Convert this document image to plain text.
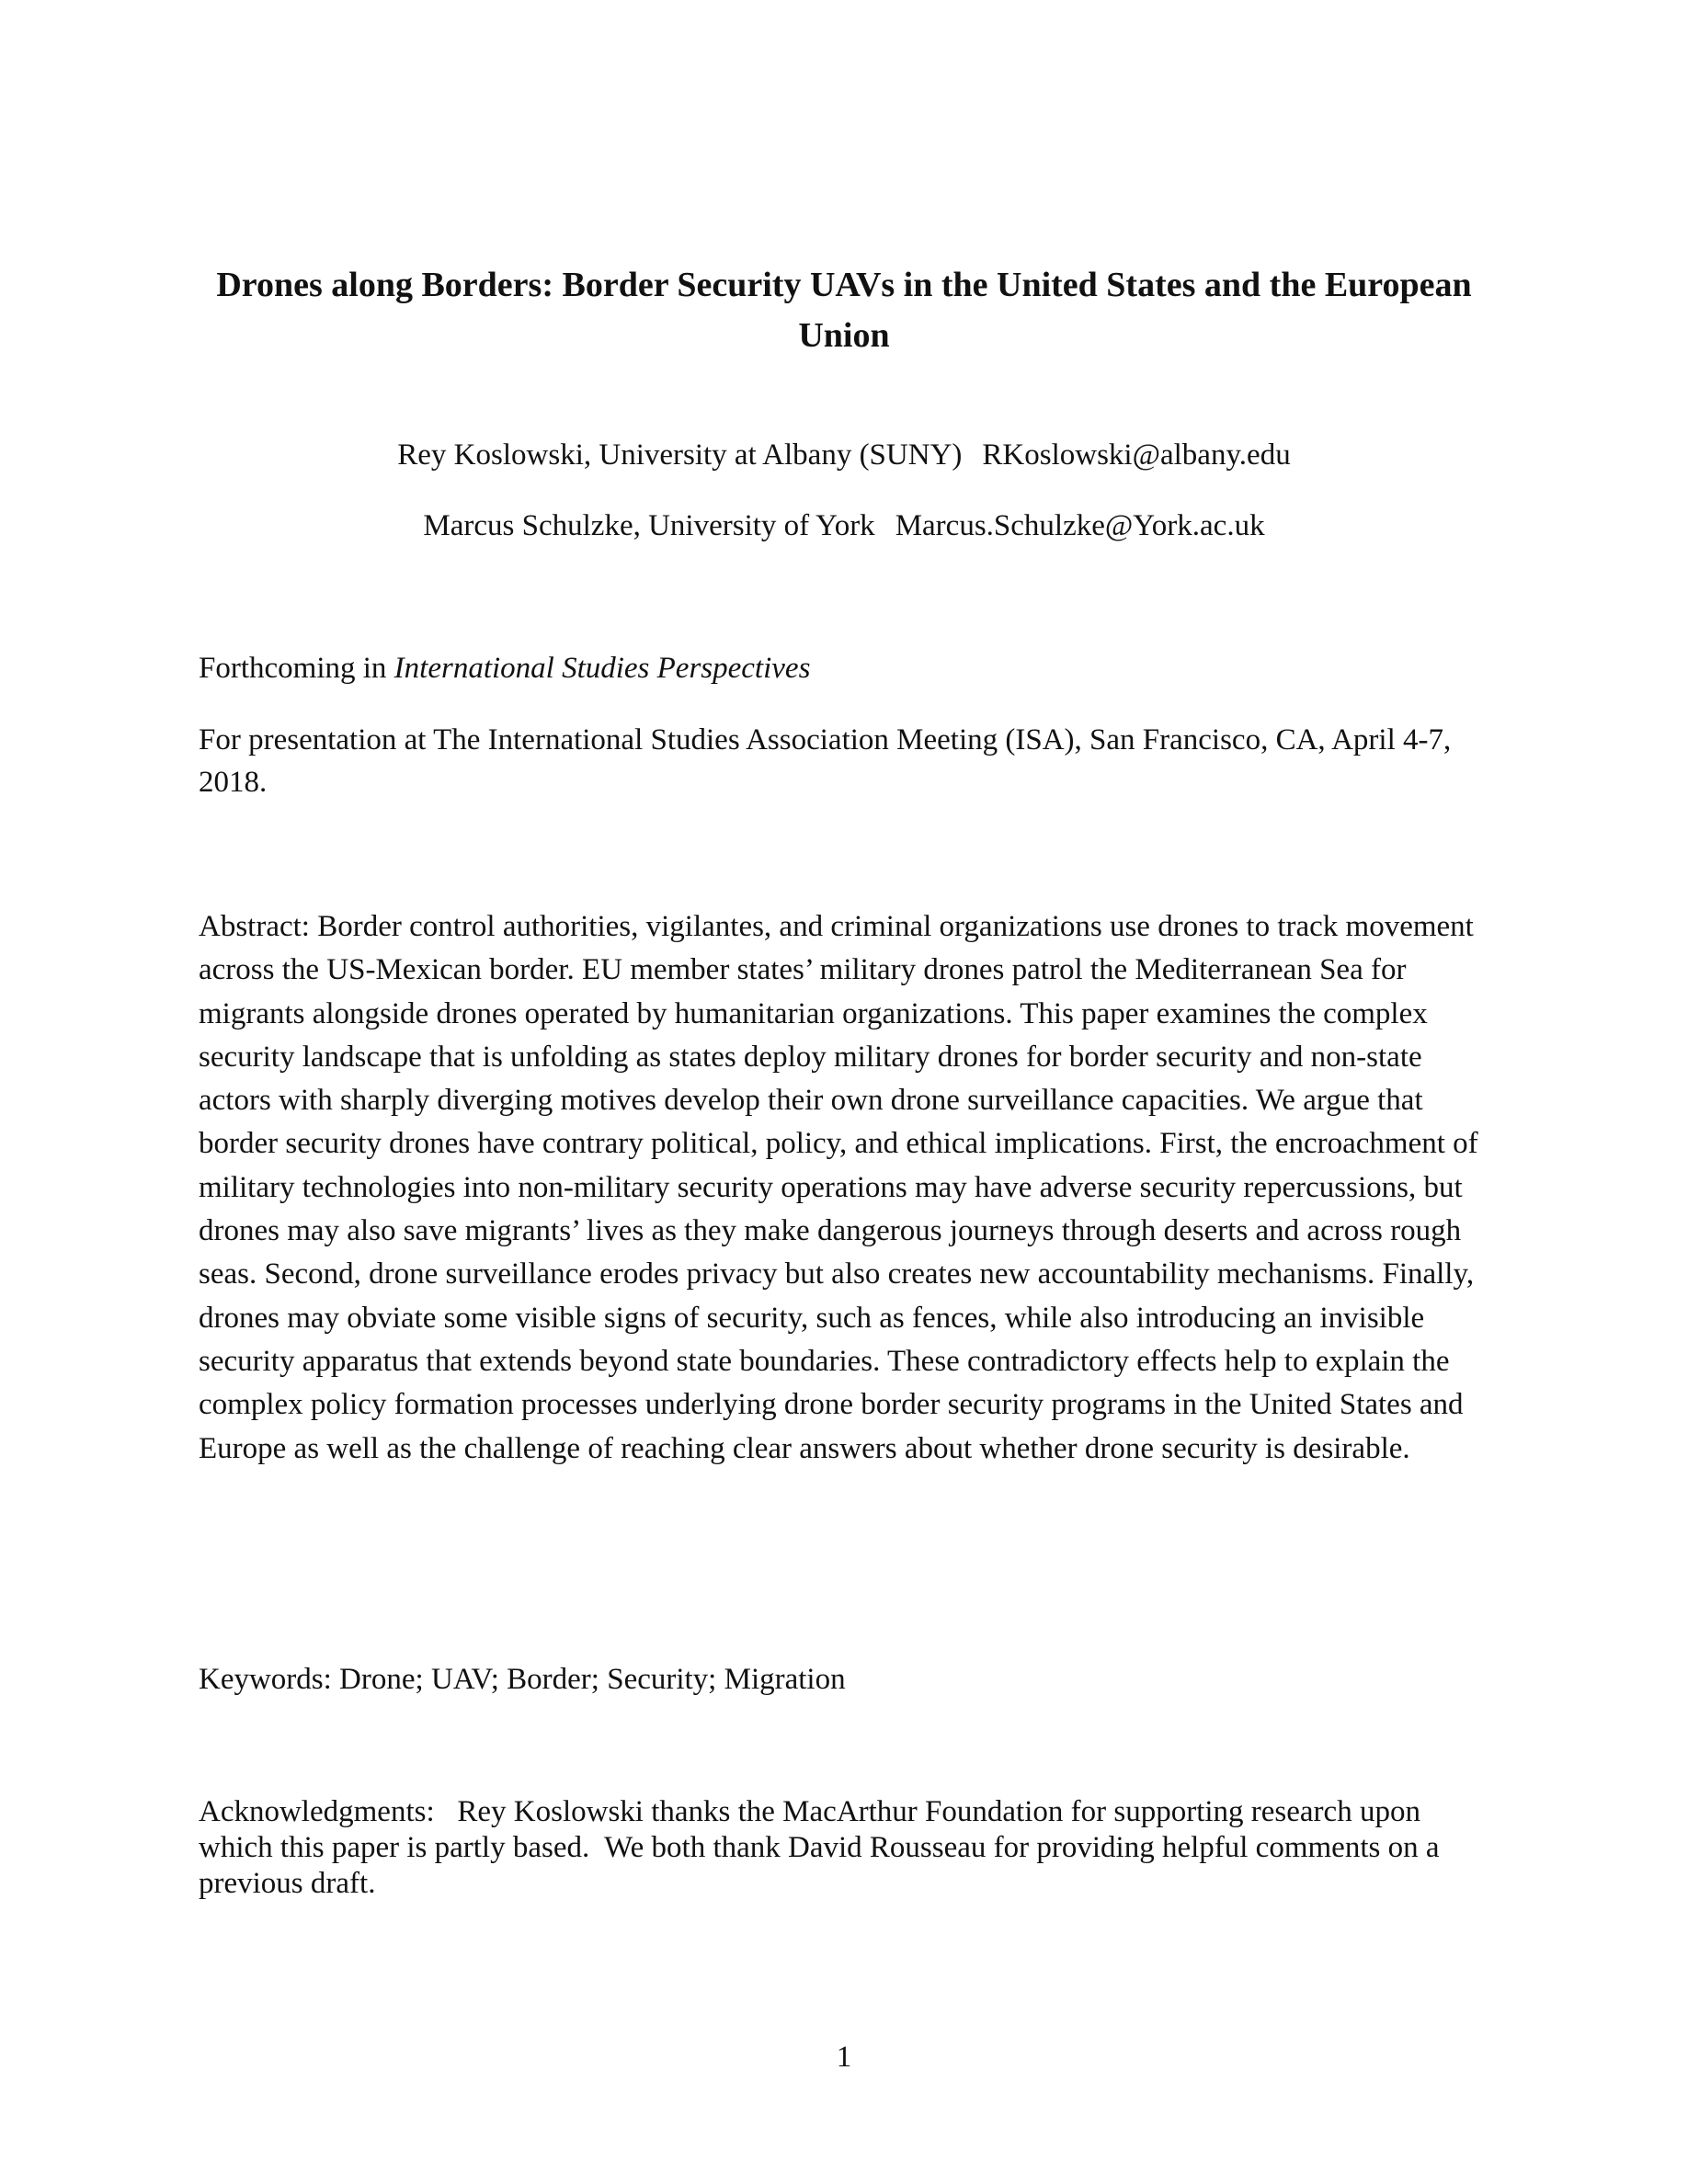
Drones along Borders: Border Security UAVs in the United States and the European Union
Rey Koslowski, University at Albany (SUNY) RKoslowski@albany.edu
Marcus Schulzke, University of York Marcus.Schulzke@York.ac.uk

Forthcoming in International Studies Perspectives

For presentation at The International Studies Association Meeting (ISA), San Francisco, CA, April 4-7, 2018.

Abstract: Border control authorities, vigilantes, and criminal organizations use drones to track movement across the US-Mexican border. EU member states’ military drones patrol the Mediterranean Sea for migrants alongside drones operated by humanitarian organizations. This paper examines the complex security landscape that is unfolding as states deploy military drones for border security and non-state actors with sharply diverging motives develop their own drone surveillance capacities. We argue that border security drones have contrary political, policy, and ethical implications. First, the encroachment of military technologies into non-military security operations may have adverse security repercussions, but drones may also save migrants’ lives as they make dangerous journeys through deserts and across rough seas. Second, drone surveillance erodes privacy but also creates new accountability mechanisms. Finally, drones may obviate some visible signs of security, such as fences, while also introducing an invisible security apparatus that extends beyond state boundaries. These contradictory effects help to explain the complex policy formation processes underlying drone border security programs in the United States and Europe as well as the challenge of reaching clear answers about whether drone security is desirable.

Keywords: Drone; UAV; Border; Security; Migration

Acknowledgments:   Rey Koslowski thanks the MacArthur Foundation for supporting research upon which this paper is partly based.  We both thank David Rousseau for providing helpful comments on a previous draft.

1
